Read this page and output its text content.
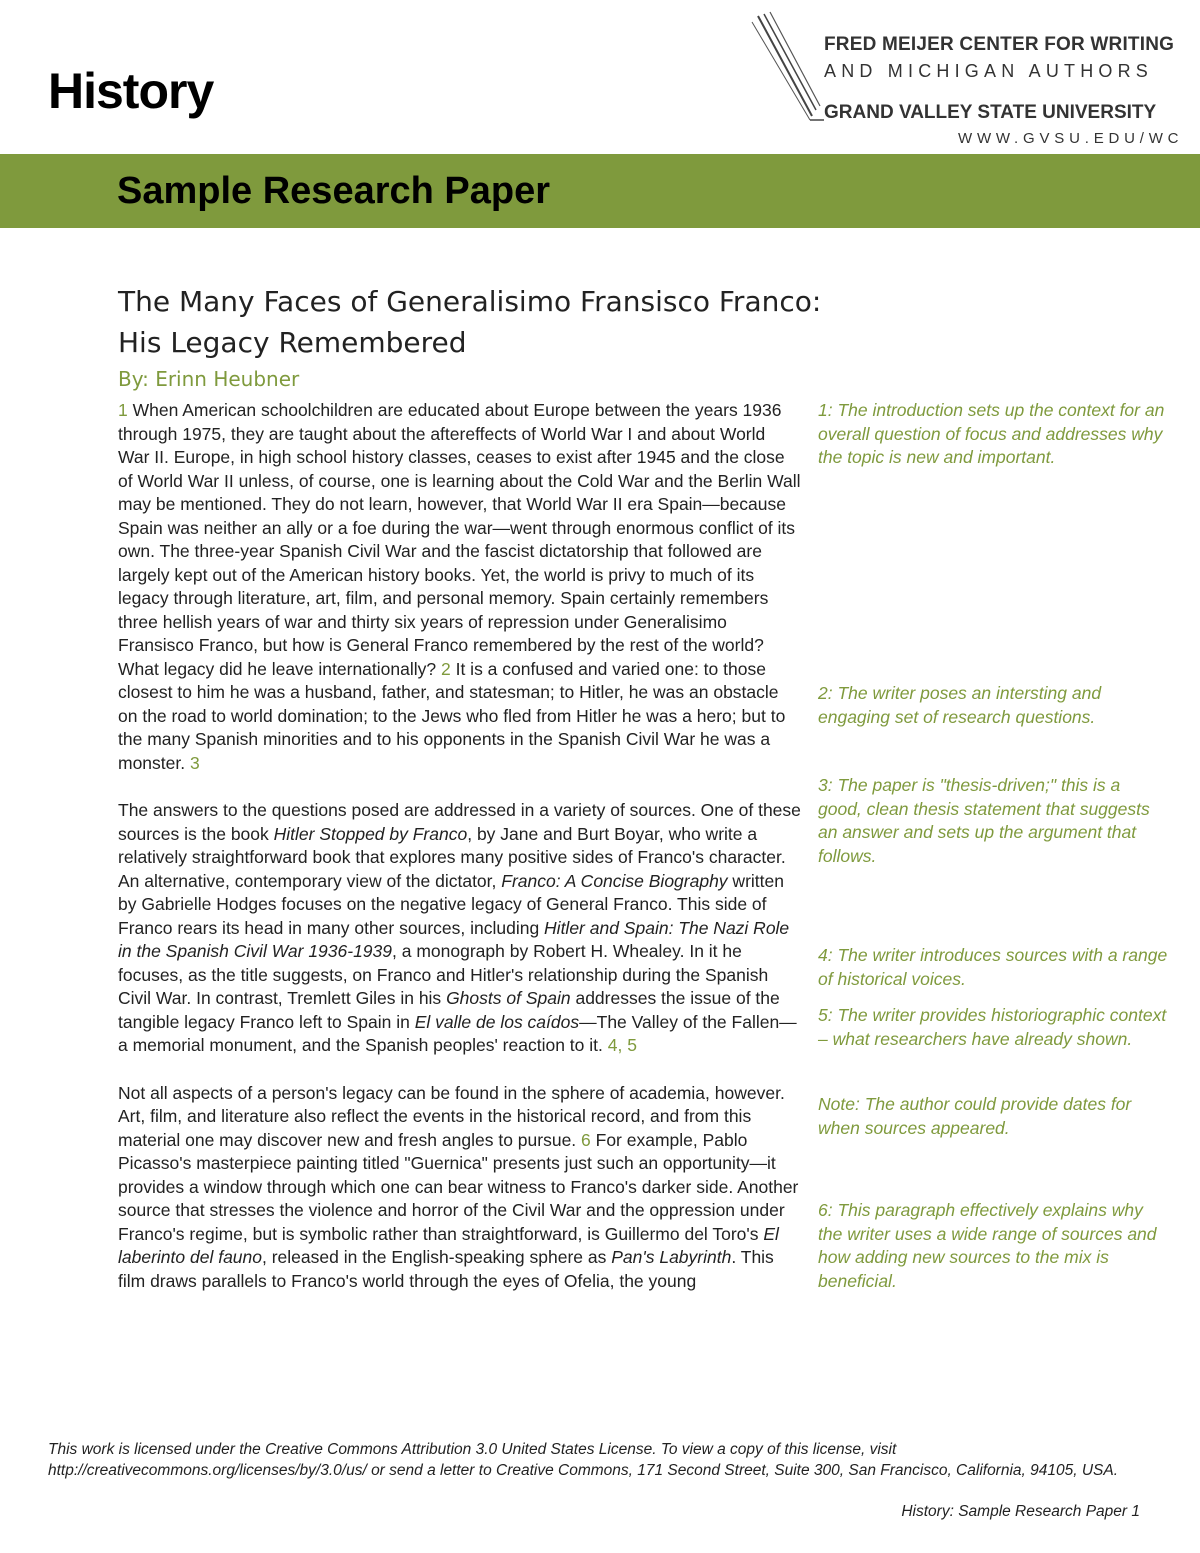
History
FRED MEIJER CENTER FOR WRITING
AND MICHIGAN AUTHORS
GRAND VALLEY STATE UNIVERSITY
WWW.GVSU.EDU/WC
Sample Research Paper
The Many Faces of Generalisimo Fransisco Franco:
His Legacy Remembered
By: Erinn Heubner

1 When American schoolchildren are educated about Europe between the years 1936 through 1975, they are taught about the aftereffects of World War I and about World War II. Europe, in high school history classes, ceases to exist after 1945 and the close of World War II unless, of course, one is learning about the Cold War and the Berlin Wall may be mentioned. They do not learn, however, that World War II era Spain—because Spain was neither an ally or a foe during the war—went through enormous conflict of its own. The three-year Spanish Civil War and the fascist dictatorship that followed are largely kept out of the American history books. Yet, the world is privy to much of its legacy through literature, art, film, and personal memory. Spain certainly remembers three hellish years of war and thirty six years of repression under Generalisimo Fransisco Franco, but how is General Franco remembered by the rest of the world? What legacy did he leave internationally? 2 It is a confused and varied one: to those closest to him he was a husband, father, and statesman; to Hitler, he was an obstacle on the road to world domination; to the Jews who fled from Hitler he was a hero; but to the many Spanish minorities and to his opponents in the Spanish Civil War he was a monster. 3

The answers to the questions posed are addressed in a variety of sources. One of these sources is the book Hitler Stopped by Franco, by Jane and Burt Boyar, who write a relatively straightforward book that explores many positive sides of Franco's character. An alternative, contemporary view of the dictator, Franco: A Concise Biography written by Gabrielle Hodges focuses on the negative legacy of General Franco. This side of Franco rears its head in many other sources, including Hitler and Spain: The Nazi Role in the Spanish Civil War 1936-1939, a monograph by Robert H. Whealey. In it he focuses, as the title suggests, on Franco and Hitler's relationship during the Spanish Civil War. In contrast, Tremlett Giles in his Ghosts of Spain addresses the issue of the tangible legacy Franco left to Spain in El valle de los caídos—The Valley of the Fallen—a memorial monument, and the Spanish peoples' reaction to it. 4, 5

Not all aspects of a person's legacy can be found in the sphere of academia, however. Art, film, and literature also reflect the events in the historical record, and from this material one may discover new and fresh angles to pursue. 6 For example, Pablo Picasso's masterpiece painting titled "Guernica" presents just such an opportunity—it provides a window through which one can bear witness to Franco's darker side. Another source that stresses the violence and horror of the Civil War and the oppression under Franco's regime, but is symbolic rather than straightforward, is Guillermo del Toro's El laberinto del fauno, released in the English-speaking sphere as Pan's Labyrinth. This film draws parallels to Franco's world through the eyes of Ofelia, the young

1: The introduction sets up the context for an overall question of focus and addresses why the topic is new and important.

2: The writer poses an intersting and engaging set of research questions.

3: The paper is "thesis-driven;" this is a good, clean thesis statement that suggests an answer and sets up the argument that follows.

4: The writer introduces sources with a range of historical voices.

5: The writer provides historiographic context – what researchers have already shown.

Note: The author could provide dates for when sources appeared.

6: This paragraph effectively explains why the writer uses a wide range of sources and how adding new sources to the mix is beneficial.

This work is licensed under the Creative Commons Attribution 3.0 United States License. To view a copy of this license, visit http://creativecommons.org/licenses/by/3.0/us/ or send a letter to Creative Commons, 171 Second Street, Suite 300, San Francisco, California, 94105, USA.
History: Sample Research Paper 1
